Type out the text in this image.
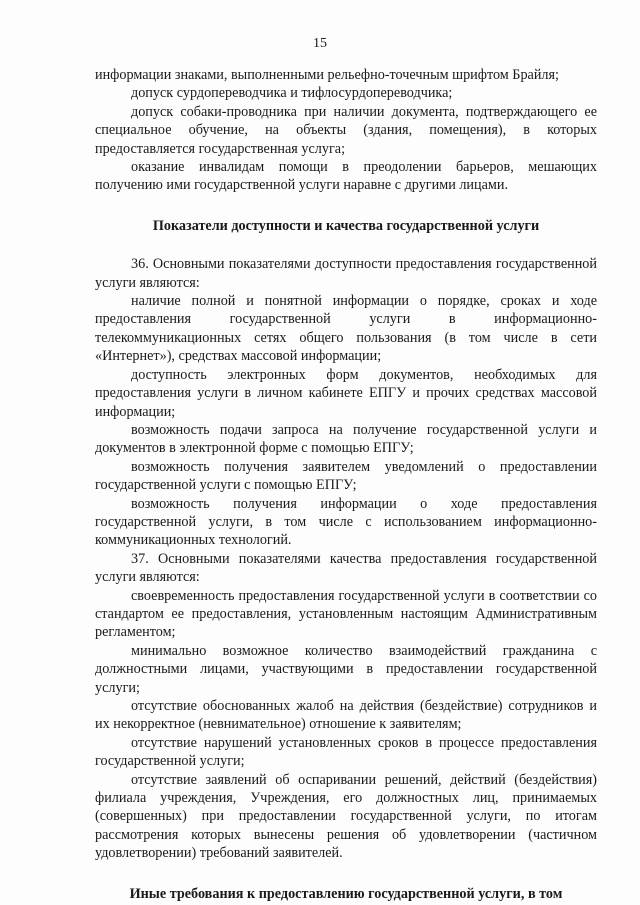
15

информации знаками, выполненными рельефно-точечным шрифтом Брайля;

допуск сурдопереводчика и тифлосурдопереводчика;

допуск собаки-проводника при наличии документа, подтверждающего ее специальное обучение, на объекты (здания, помещения), в которых предоставляется государственная услуга;

оказание инвалидам помощи в преодолении барьеров, мешающих получению ими государственной услуги наравне с другими лицами.

Показатели доступности и качества государственной услуги

36. Основными показателями доступности предоставления государственной услуги являются:

наличие полной и понятной информации о порядке, сроках и ходе предоставления государственной услуги в информационно-телекоммуникационных сетях общего пользования (в том числе в сети «Интернет»), средствах массовой информации;

доступность электронных форм документов, необходимых для предоставления услуги в личном кабинете ЕПГУ и прочих средствах массовой информации;

возможность подачи запроса на получение государственной услуги и документов в электронной форме с помощью ЕПГУ;

возможность получения заявителем уведомлений о предоставлении государственной услуги с помощью ЕПГУ;

возможность получения информации о ходе предоставления государственной услуги, в том числе с использованием информационно-коммуникационных технологий.

37. Основными показателями качества предоставления государственной услуги являются:

своевременность предоставления государственной услуги в соответствии со стандартом ее предоставления, установленным настоящим Административным регламентом;

минимально возможное количество взаимодействий гражданина с должностными лицами, участвующими в предоставлении государственной услуги;

отсутствие обоснованных жалоб на действия (бездействие) сотрудников и их некорректное (невнимательное) отношение к заявителям;

отсутствие нарушений установленных сроков в процессе предоставления государственной услуги;

отсутствие заявлений об оспаривании решений, действий (бездействия) филиала учреждения, Учреждения, его должностных лиц, принимаемых (совершенных) при предоставлении государственной услуги, по итогам рассмотрения которых вынесены решения об удовлетворении (частичном удовлетворении) требований заявителей.

Иные требования к предоставлению государственной услуги, в том
